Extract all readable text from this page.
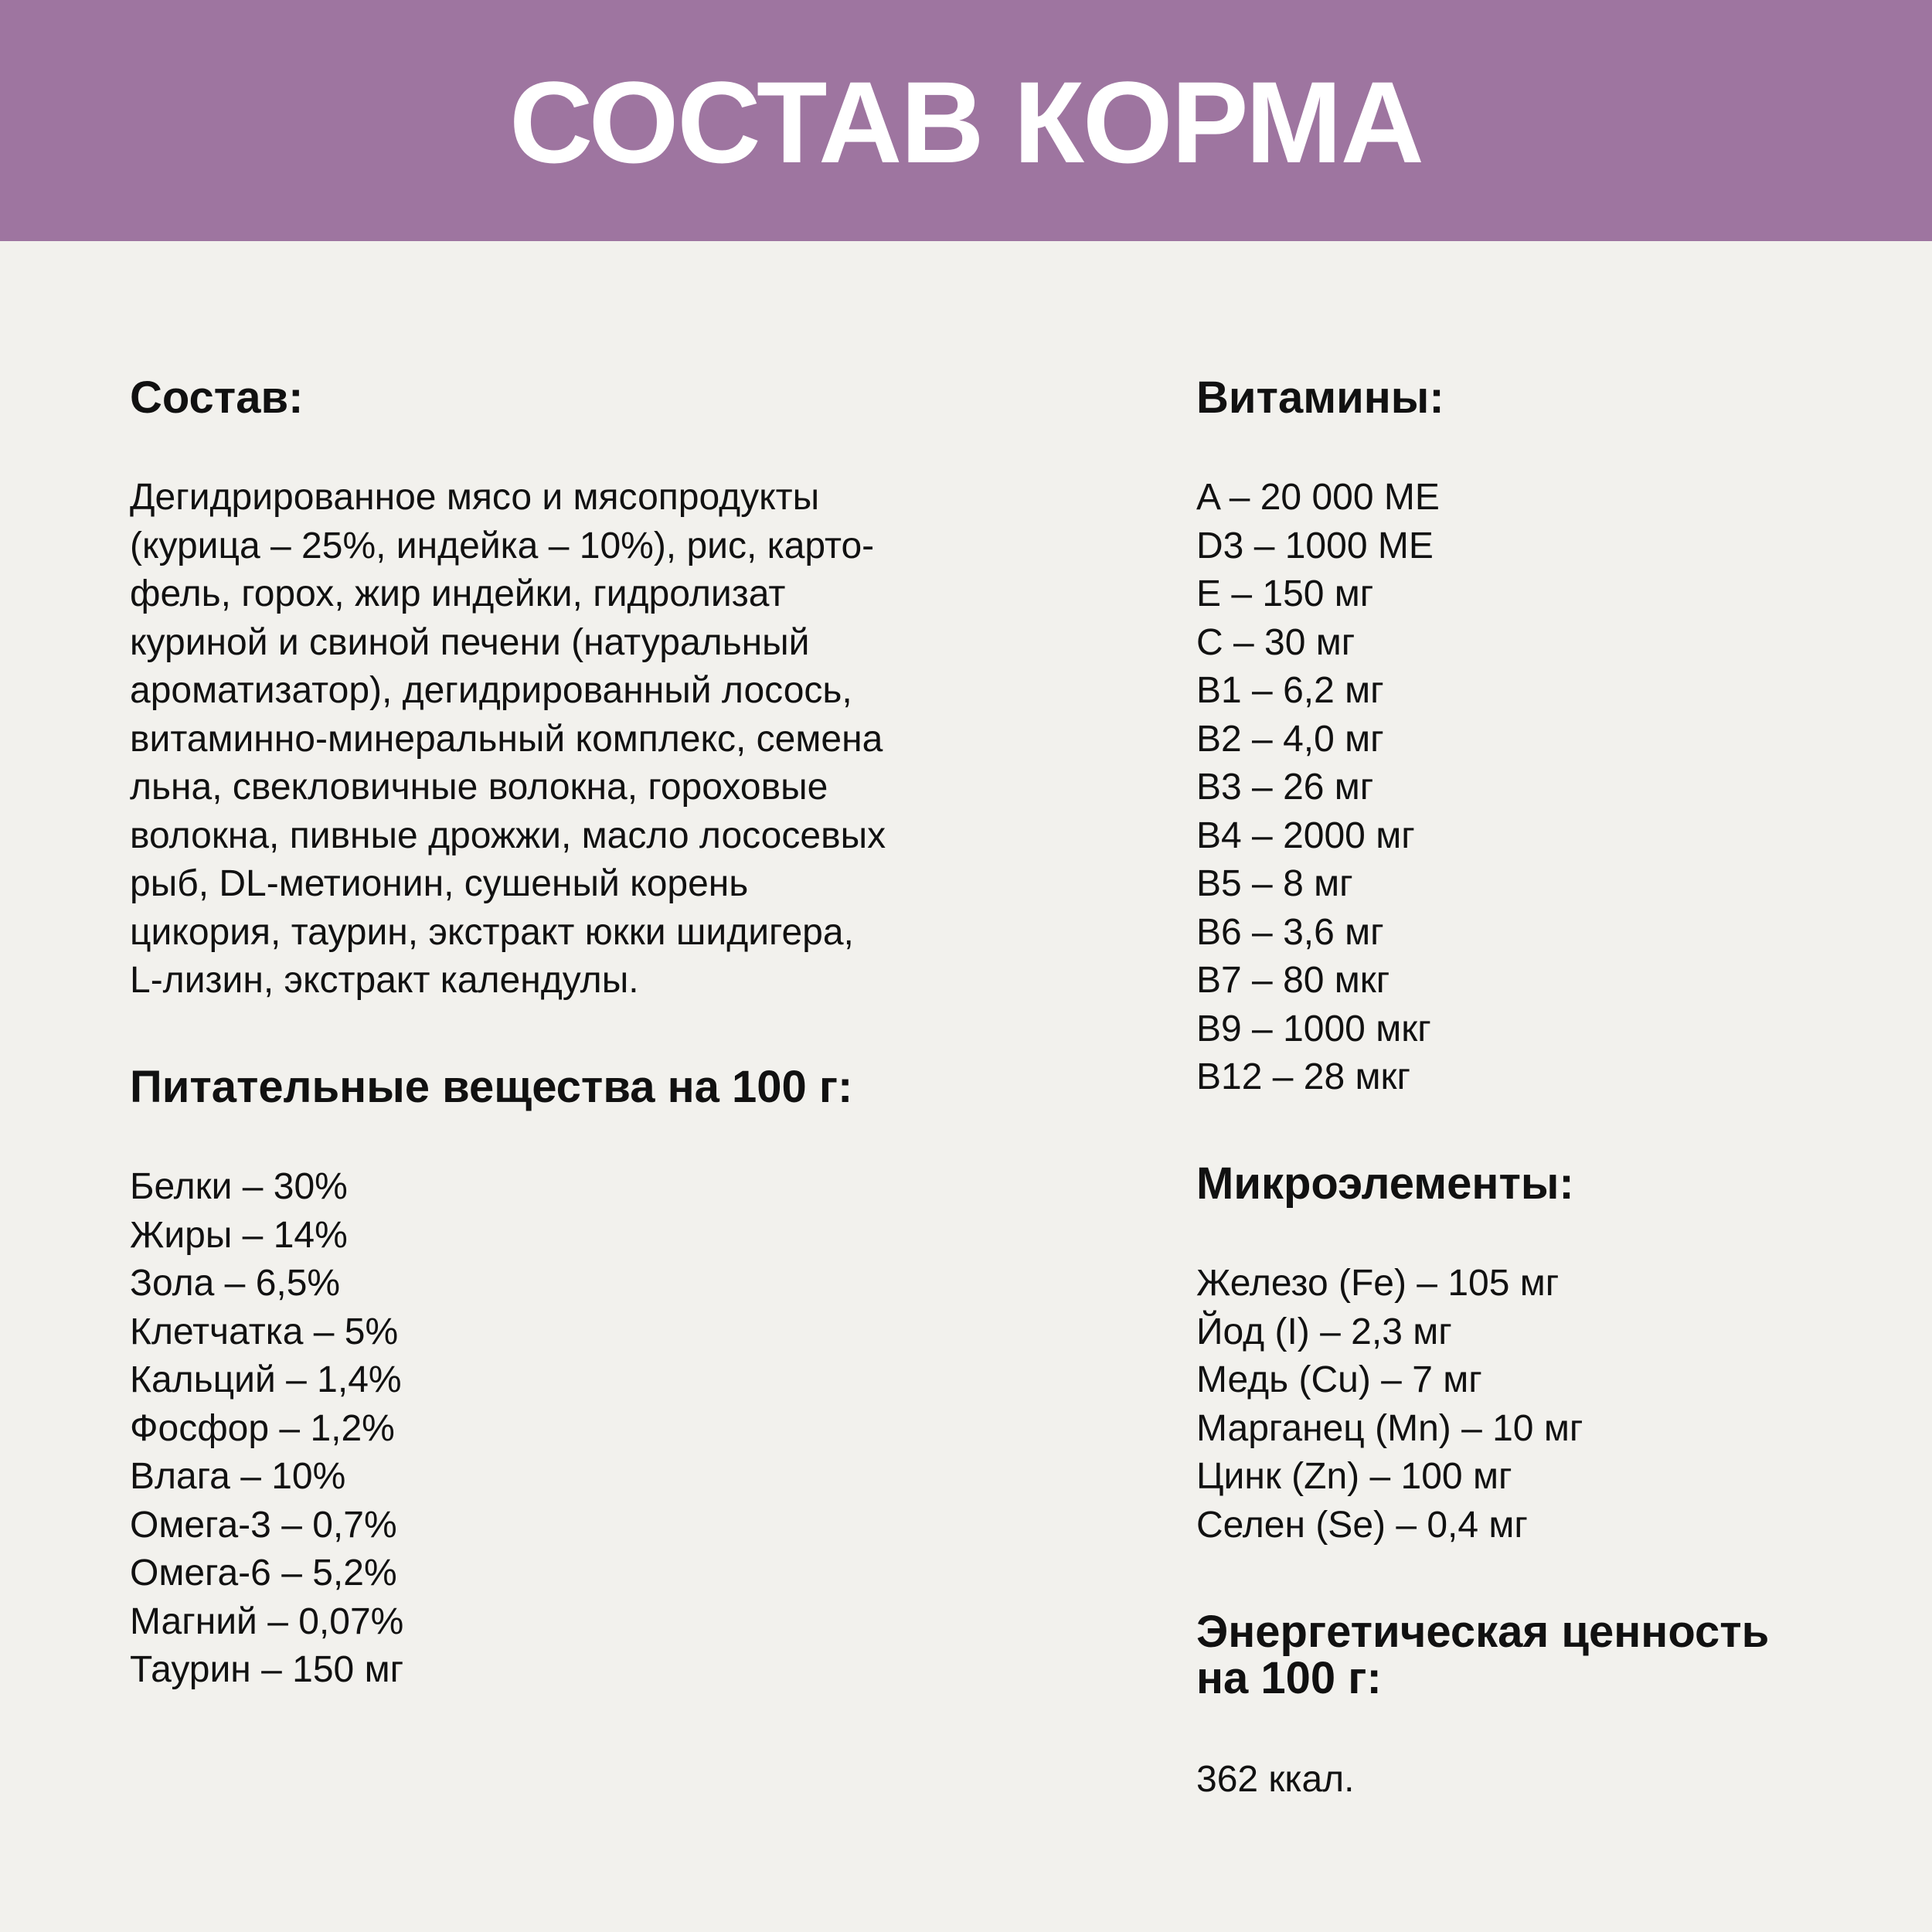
СОСТАВ КОРМА
Состав:
Дегидрированное мясо и мясопродукты
(курица – 25%, индейка – 10%), рис, карто-
фель, горох, жир индейки, гидролизат
куриной и свиной печени (натуральный
ароматизатор), дегидрированный лосось,
витаминно-минеральный комплекс, семена
льна, свекловичные волокна, гороховые
волокна, пивные дрожжи, масло лососевых
рыб, DL-метионин, сушеный корень
цикория, таурин, экстракт юкки шидигера,
L-лизин, экстракт календулы.
Питательные вещества на 100 г:
Белки – 30%
Жиры – 14%
Зола – 6,5%
Клетчатка – 5%
Кальций – 1,4%
Фосфор – 1,2%
Влага – 10%
Омега-3 – 0,7%
Омега-6 – 5,2%
Магний – 0,07%
Таурин – 150 мг
Витамины:
A – 20 000 МЕ
D3 – 1000 МЕ
E – 150 мг
C – 30 мг
B1 – 6,2 мг
B2 – 4,0 мг
B3 – 26 мг
B4 – 2000 мг
B5 – 8 мг
B6 – 3,6 мг
B7 – 80 мкг
B9 – 1000 мкг
B12 – 28 мкг
Микроэлементы:
Железо (Fe) – 105 мг
Йод (I) – 2,3 мг
Медь (Cu) – 7 мг
Марганец (Mn) – 10 мг
Цинк (Zn) – 100 мг
Селен (Se) – 0,4 мг
Энергетическая ценность
на 100 г:
362 ккал.
